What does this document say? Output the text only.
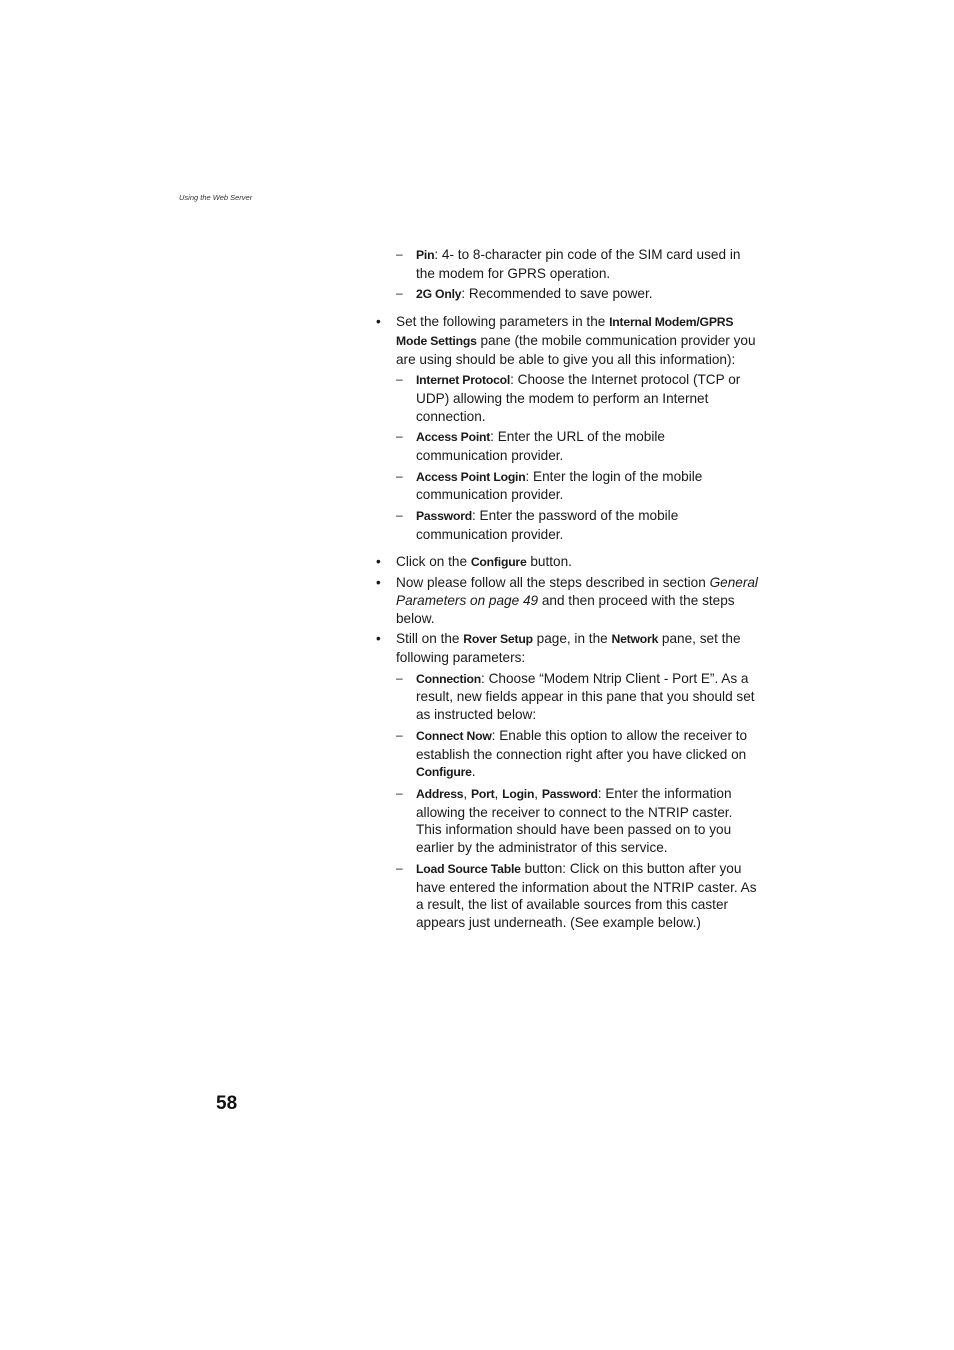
Using the Web Server
– Pin: 4- to 8-character pin code of the SIM card used in the modem for GPRS operation.
– 2G Only: Recommended to save power.
• Set the following parameters in the Internal Modem/GPRS Mode Settings pane (the mobile communication provider you are using should be able to give you all this information):
– Internet Protocol: Choose the Internet protocol (TCP or UDP) allowing the modem to perform an Internet connection.
– Access Point: Enter the URL of the mobile communication provider.
– Access Point Login: Enter the login of the mobile communication provider.
– Password: Enter the password of the mobile communication provider.
• Click on the Configure button.
• Now please follow all the steps described in section General Parameters on page 49 and then proceed with the steps below.
• Still on the Rover Setup page, in the Network pane, set the following parameters:
– Connection: Choose “Modem Ntrip Client - Port E”. As a result, new fields appear in this pane that you should set as instructed below:
– Connect Now: Enable this option to allow the receiver to establish the connection right after you have clicked on Configure.
– Address, Port, Login, Password: Enter the information allowing the receiver to connect to the NTRIP caster. This information should have been passed on to you earlier by the administrator of this service.
– Load Source Table button: Click on this button after you have entered the information about the NTRIP caster. As a result, the list of available sources from this caster appears just underneath. (See example below.)
58
